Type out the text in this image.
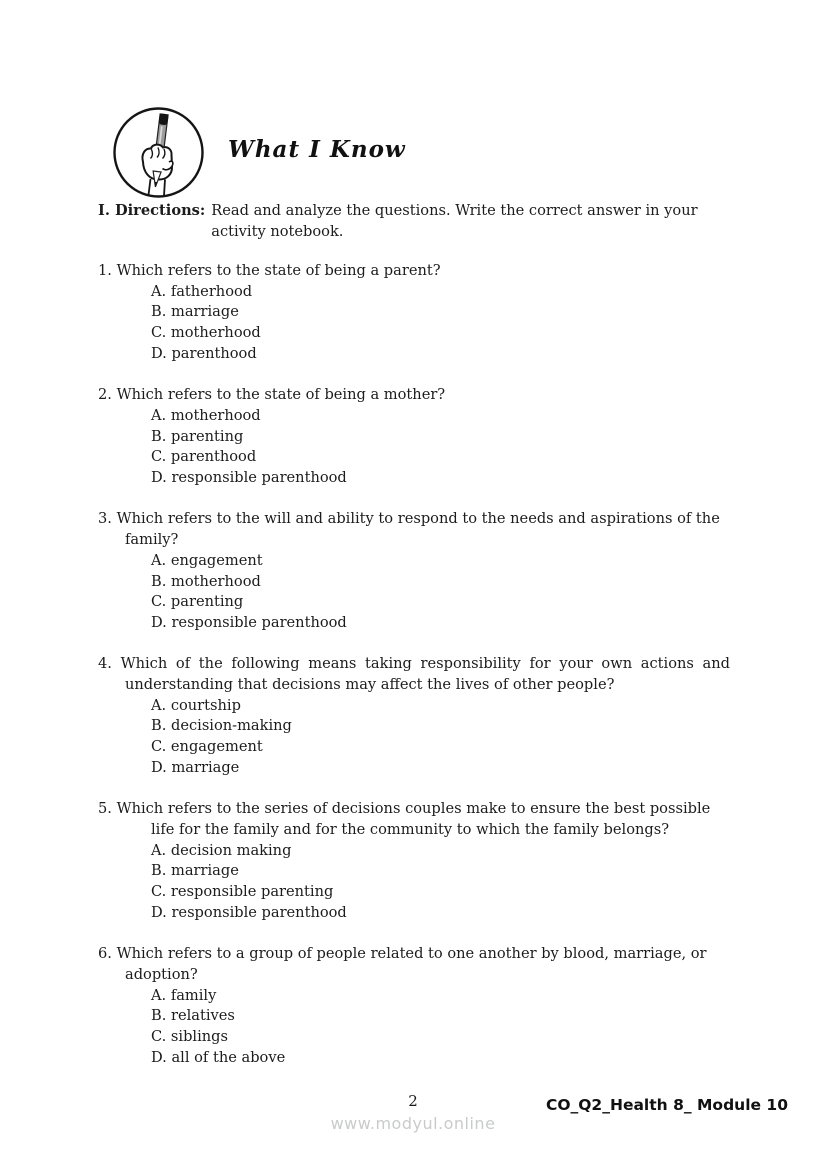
What I Know
I. Directions: Read and analyze the questions. Write the correct answer in your
activity notebook.
1. Which refers to the state of being a parent?
A. fatherhood
B. marriage
C. motherhood
D. parenthood
2. Which refers to the state of being a mother?
A. motherhood
B. parenting
C. parenthood
D. responsible parenthood
3. Which refers to the will and ability to respond to the needs and aspirations of the
family?
A. engagement
B. motherhood
C. parenting
D. responsible parenthood
4. Which of the following means taking responsibility for your own actions and
understanding that decisions may affect the lives of other people?
A. courtship
B. decision-making
C. engagement
D. marriage
5. Which refers to the series of decisions couples make to ensure the best possible
life for the family and for the community to which the family belongs?
A. decision making
B. marriage
C. responsible parenting
D. responsible parenthood
6. Which refers to a group of people related to one another by blood, marriage, or
adoption?
A. family
B. relatives
C. siblings
D. all of the above
2
www.modyul.online
CO_Q2_Health 8_ Module 10
